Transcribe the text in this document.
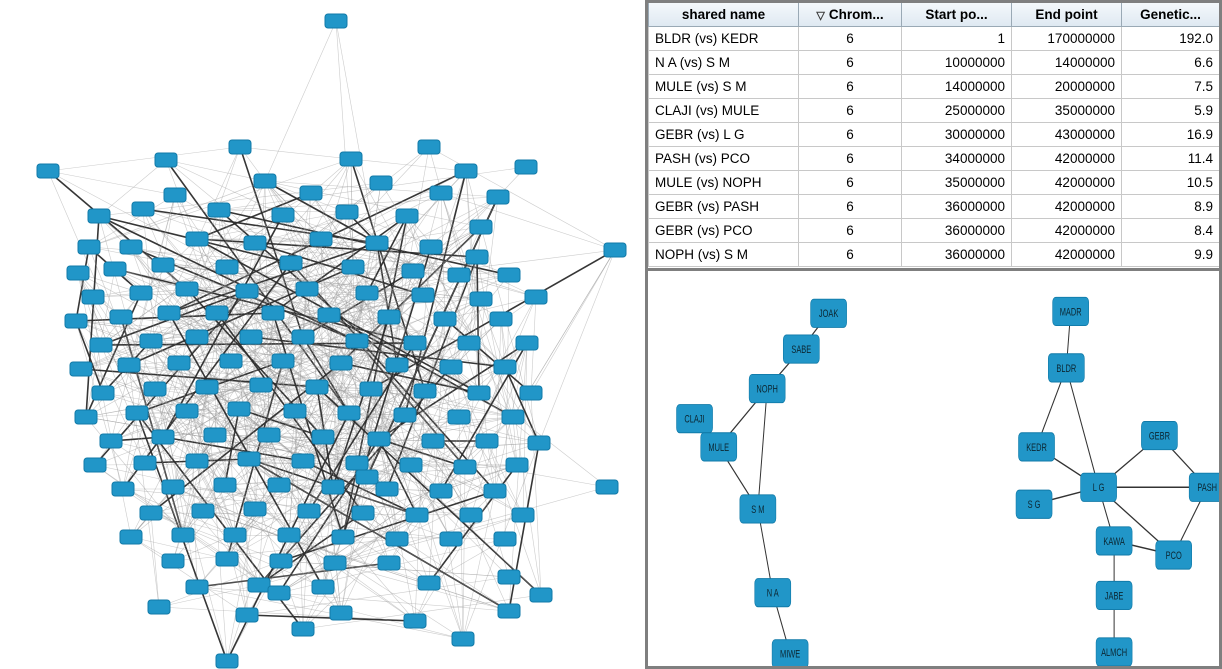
shared name	▽ Chrom...	Start po...	End point	Genetic...
BLDR (vs) KEDR	6	1	170000000	192.0
N A (vs) S M	6	10000000	14000000	6.6
MULE (vs) S M	6	14000000	20000000	7.5
CLAJI (vs) MULE	6	25000000	35000000	5.9
GEBR (vs) L G	6	30000000	43000000	16.9
PASH (vs) PCO	6	34000000	42000000	11.4
MULE (vs) NOPH	6	35000000	42000000	10.5
GEBR (vs) PASH	6	36000000	42000000	8.9
GEBR (vs) PCO	6	36000000	42000000	8.4
NOPH (vs) S M	6	36000000	42000000	9.9
JOAK	MADR
SABE
BLDR
NOPH
CLAJI
GEBR
KEDR
MULE
L G	PASH
S G
S M
KAWA
PCO
JABE
N A
ALMCH
MIWE
